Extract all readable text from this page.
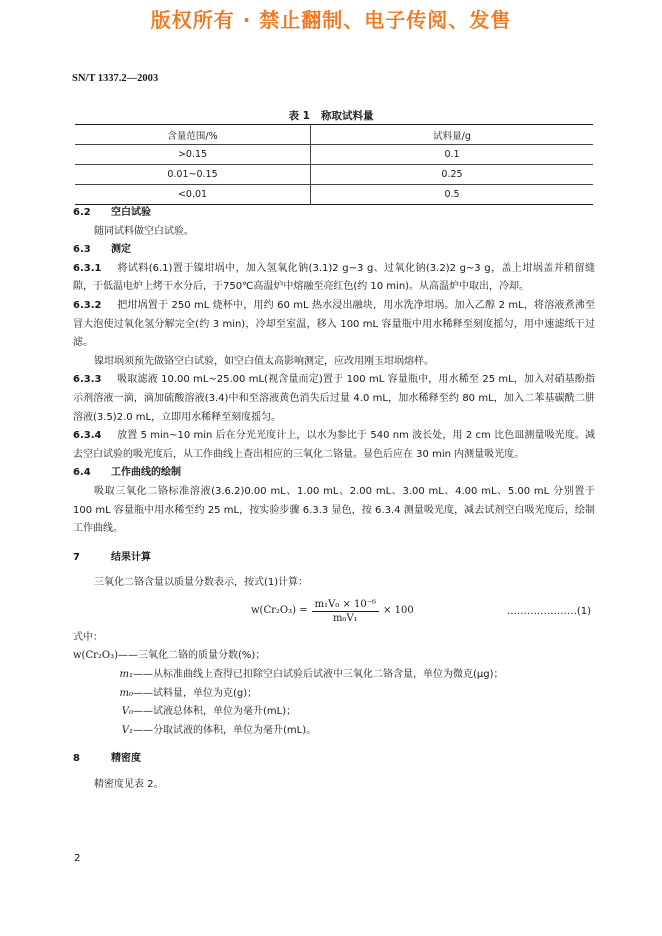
版权所有 · 禁止翻制、电子传阅、发售
SN/T 1337.2—2003
表 1   称取试料量
含量范围/%	试料量/g
>0.15	0.1
0.01~0.15	0.25
<0.01	0.5

6.2 空白试验

随同试料做空白试验。

6.3 测定

6.3.1 将试料(6.1)置于镍坩埚中，加入氢氧化钠(3.1)2 g~3 g、过氧化钠(3.2)2 g~3 g，盖上坩埚盖并稍留缝隙，于低温电炉上烤干水分后，于750℃高温炉中熔融至亮红色(约 10 min)。从高温炉中取出，冷却。

6.3.2 把坩埚置于 250 mL 烧杯中，用约 60 mL 热水浸出融块，用水洗净坩埚。加入乙醇 2 mL，将溶液煮沸至冒大泡使过氧化氢分解完全(约 3 min)，冷却至室温，移入 100 mL 容量瓶中用水稀释至刻度摇匀，用中速滤纸干过滤。

镍坩埚须预先做铬空白试验，如空白值太高影响测定，应改用刚玉坩埚熔样。

6.3.3 吸取滤液 10.00 mL~25.00 mL(视含量而定)置于 100 mL 容量瓶中，用水稀至 25 mL，加入对硝基酚指示剂溶液一滴，滴加硫酸溶液(3.4)中和至溶液黄色消失后过量 4.0 mL，加水稀释至约 80 mL，加入二苯基碳酰二肼溶液(3.5)2.0 mL，立即用水稀释至刻度摇匀。

6.3.4 放置 5 min~10 min 后在分光光度计上，以水为参比于 540 nm 波长处，用 2 cm 比色皿测量吸光度。减去空白试验的吸光度后，从工作曲线上查出相应的三氧化二铬量。显色后应在 30 min 内测量吸光度。

6.4 工作曲线的绘制

吸取三氧化二铬标准溶液(3.6.2)0.00 mL、1.00 mL、2.00 mL、3.00 mL、4.00 mL、5.00 mL 分别置于 100 mL 容量瓶中用水稀至约 25 mL，按实验步骤 6.3.3 显色，按 6.3.4 测量吸光度，减去试剂空白吸光度后，绘制工作曲线。

7	结果计算

三氧化二铬含量以质量分数表示，按式(1)计算：

$w(Cr_2O_3) = \frac{\text{m₁V₀ × 10⁻⁶}}{\text{m₀V₁}} \times 100$	…………………(1)

式中：

w(Cr₂O₃) ——三氧化二铬的质量分数(%)；
m₁ ——从标准曲线上查得已扣除空白试验后试液中三氧化二铬含量，单位为微克(μg)；
m₀ ——试料量，单位为克(g)；
V₀ ——试液总体积，单位为毫升(mL)；
V₁ ——分取试液的体积，单位为毫升(mL)。

8	精密度

精密度见表 2。

2
